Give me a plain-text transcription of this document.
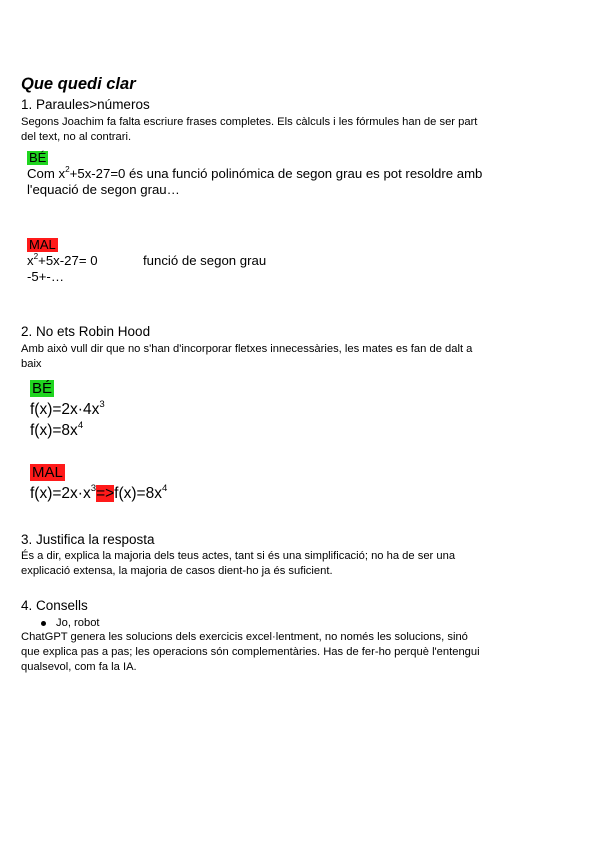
Que quedi clar
1. Paraules>números
Segons Joachim fa falta escriure frases completes. Els càlculs i les fórmules han de ser part
del text, no al contrari.
BÉ
Com $x^2+5x-27=0$ és una funció polinómica de segon grau es pot resoldre amb
l'equació de segon grau…
MAL
$x^2+5x-27= 0$	funció de segon grau
-5+-…
2. No ets Robin Hood
Amb això vull dir que no s'han d'incorporar fletxes innecessàries, les mates es fan de dalt a
baix
BÉ
$f(x)=2x\cdot 4x^3$
$f(x)=8x^4$
MAL
$f(x)=2x\cdot x^3=>f(x)=8x^4$
3. Justifica la resposta
És a dir, explica la majoria dels teus actes, tant si és una simplificació; no ha de ser una
explicació extensa, la majoria de casos dient-ho ja és suficient.
4. Consells
Jo, robot
ChatGPT genera les solucions dels exercicis excel·lentment, no només les solucions, sinó
que explica pas a pas; les operacions són complementàries. Has de fer-ho perquè l'entengui
qualsevol, com fa la IA.
